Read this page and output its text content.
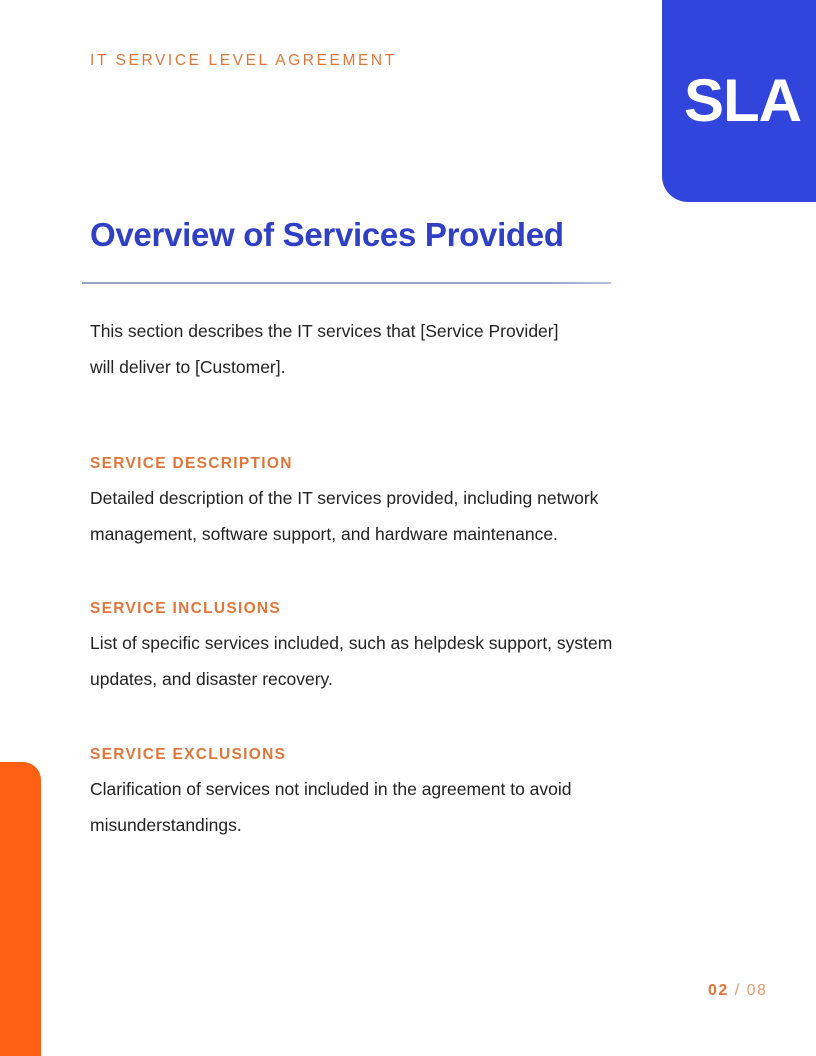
IT SERVICE LEVEL AGREEMENT
SLA
Overview of Services Provided

This section describes the IT services that [Service Provider]
will deliver to [Customer].

SERVICE DESCRIPTION

Detailed description of the IT services provided, including network management, software support, and hardware maintenance.

SERVICE INCLUSIONS

List of specific services included, such as helpdesk support, system updates, and disaster recovery.

SERVICE EXCLUSIONS

Clarification of services not included in the agreement to avoid misunderstandings.

02 / 08
